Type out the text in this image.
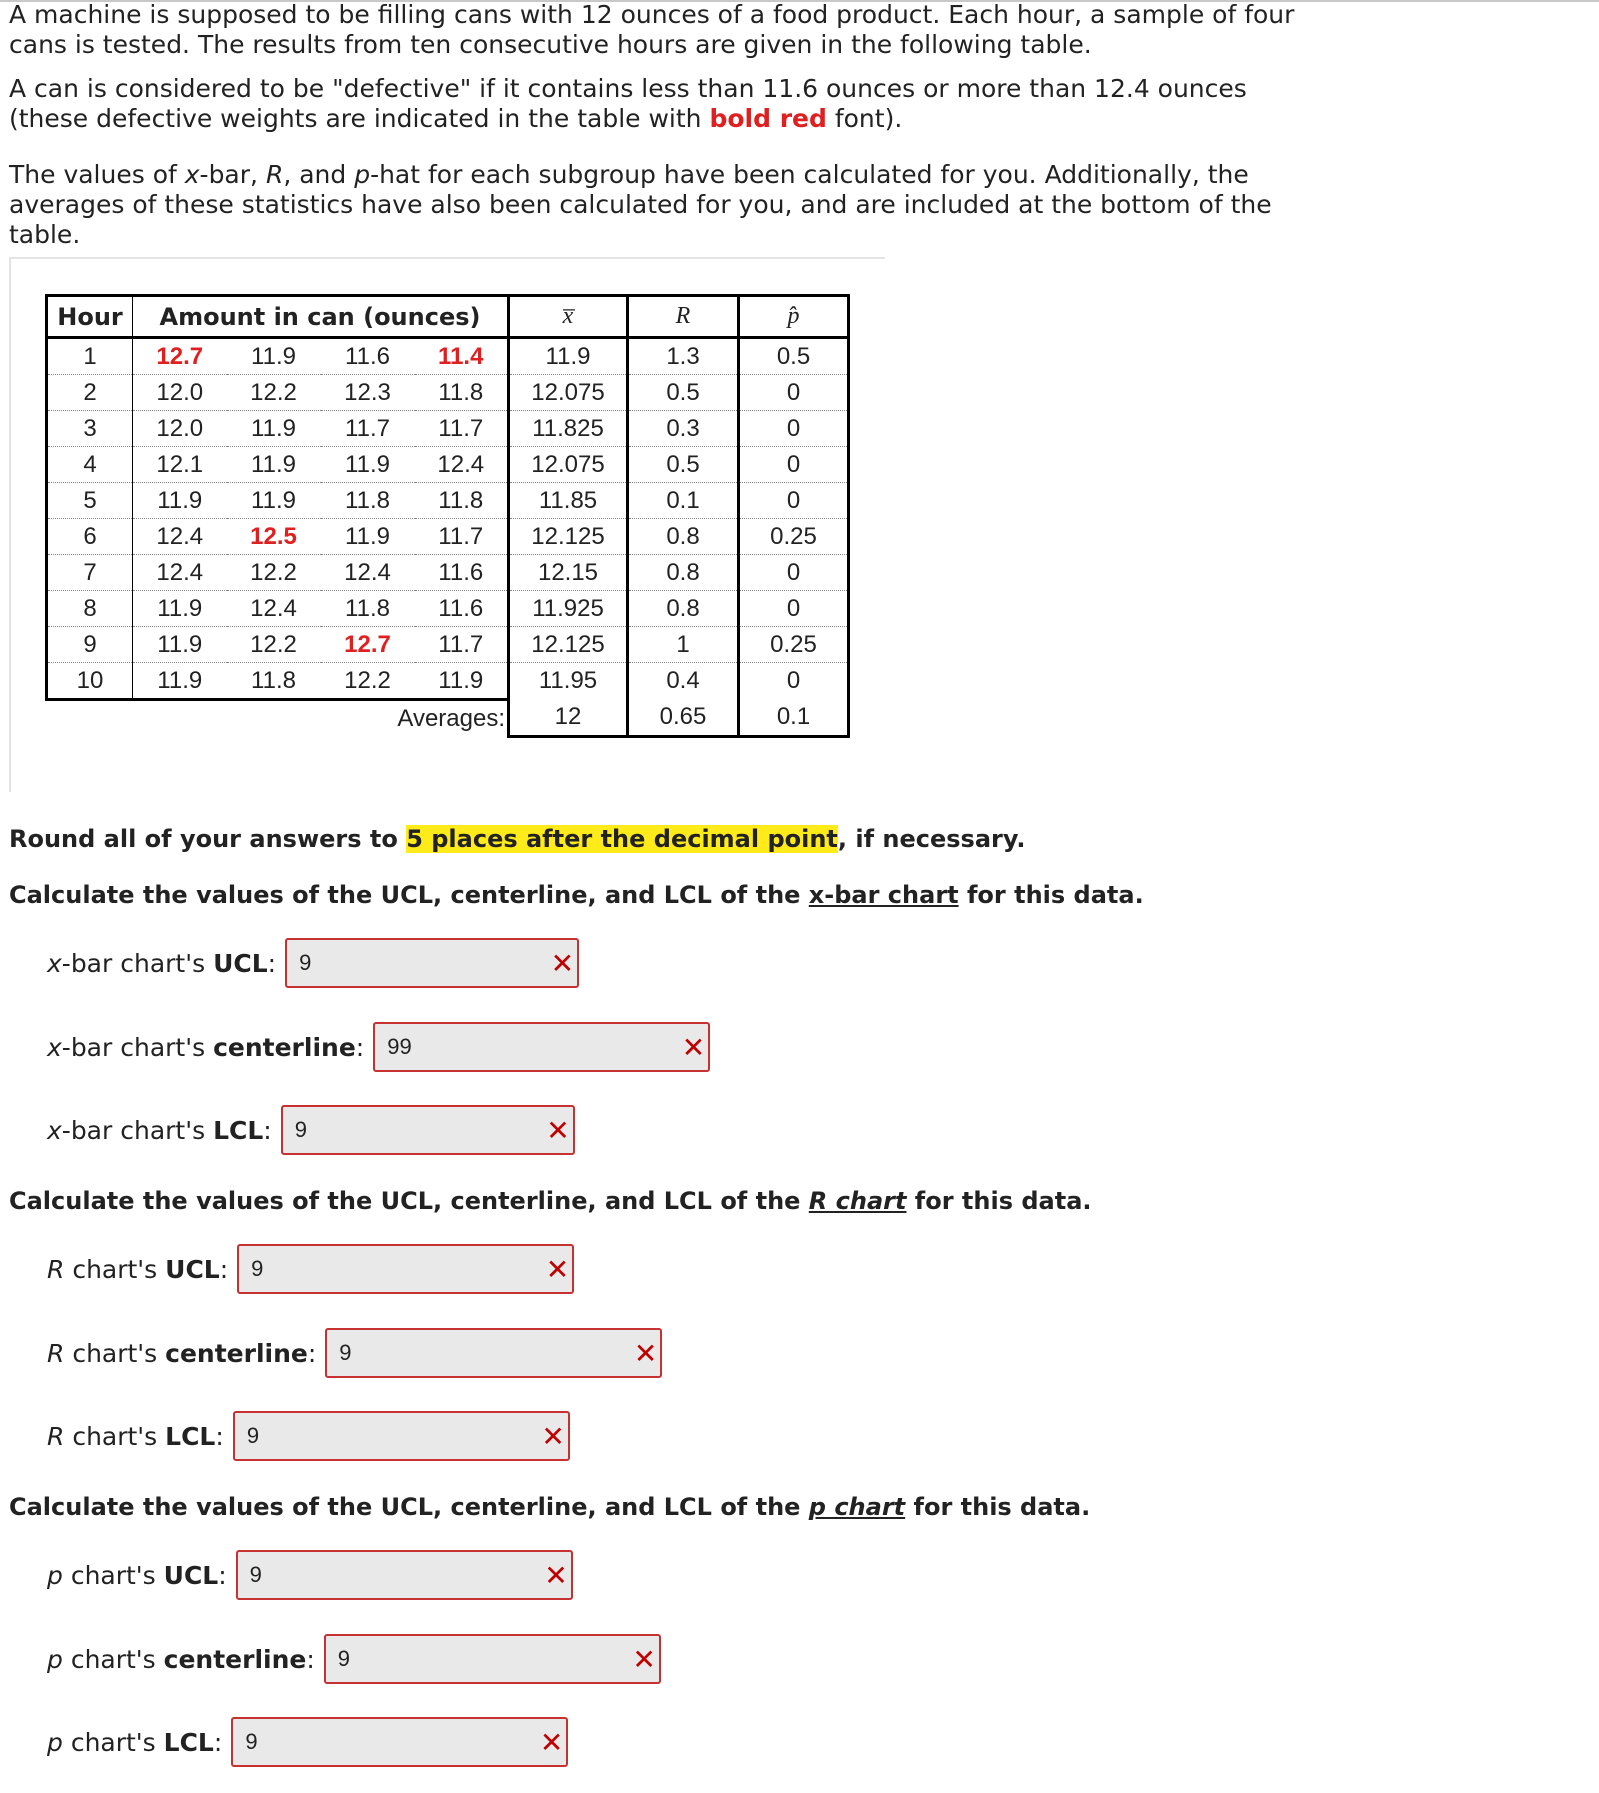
A machine is supposed to be filling cans with 12 ounces of a food product. Each hour, a sample of four cans is tested. The results from ten consecutive hours are given in the following table.

A can is considered to be "defective" if it contains less than 11.6 ounces or more than 12.4 ounces (these defective weights are indicated in the table with bold red font).

The values of x-bar, R, and p-hat for each subgroup have been calculated for you. Additionally, the averages of these statistics have also been calculated for you, and are included at the bottom of the table.

Hour	Amount in can (ounces)				x̅	R	p̂
1	12.7	11.9	11.6	11.4	11.9	1.3	0.5
2	12.0	12.2	12.3	11.8	12.075	0.5	0
3	12.0	11.9	11.7	11.7	11.825	0.3	0
4	12.1	11.9	11.9	12.4	12.075	0.5	0
5	11.9	11.9	11.8	11.8	11.85	0.1	0
6	12.4	12.5	11.9	11.7	12.125	0.8	0.25
7	12.4	12.2	12.4	11.6	12.15	0.8	0
8	11.9	12.4	11.8	11.6	11.925	0.8	0
9	11.9	12.2	12.7	11.7	12.125	1	0.25
10	11.9	11.8	12.2	11.9	11.95	0.4	0
Averages:					12	0.65	0.1

Round all of your answers to 5 places after the decimal point, if necessary.

Calculate the values of the UCL, centerline, and LCL of the x-bar chart for this data.

x-bar chart's UCL:
9	✕
x-bar chart's centerline:
99	✕
x-bar chart's LCL:
9	✕

Calculate the values of the UCL, centerline, and LCL of the R chart for this data.

R chart's UCL:
9	✕
R chart's centerline:
9	✕
R chart's LCL:
9	✕

Calculate the values of the UCL, centerline, and LCL of the p chart for this data.

p chart's UCL:
9	✕
p chart's centerline:
9	✕
p chart's LCL:
9	✕
